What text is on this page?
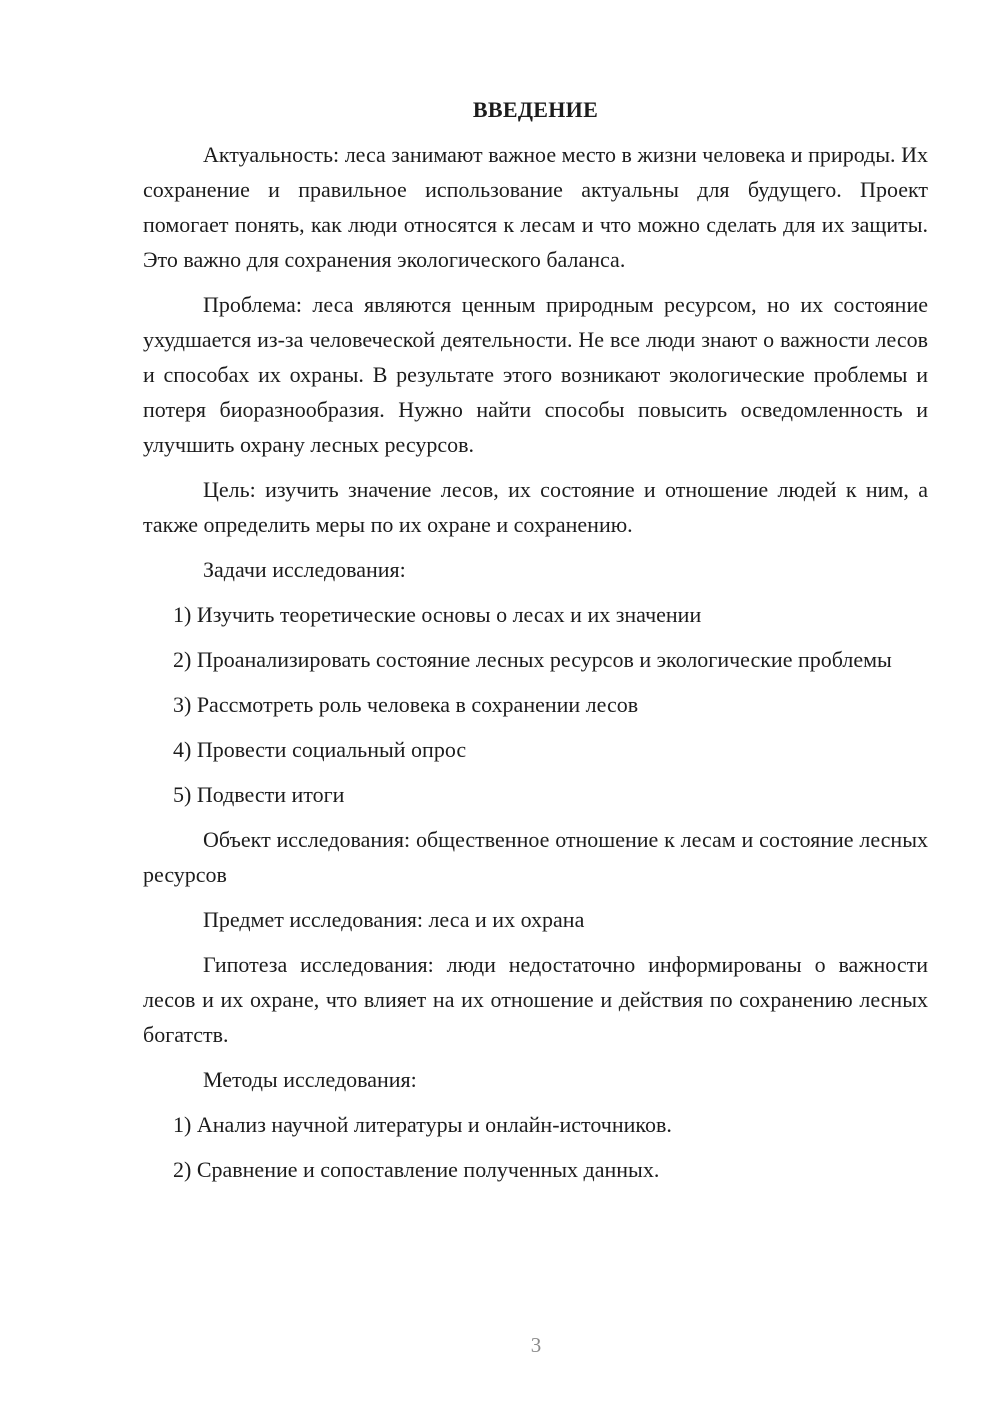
ВВЕДЕНИЕ

Актуальность: леса занимают важное место в жизни человека и природы. Их сохранение и правильное использование актуальны для будущего. Проект помогает понять, как люди относятся к лесам и что можно сделать для их защиты. Это важно для сохранения экологического баланса.

Проблема: леса являются ценным природным ресурсом, но их состояние ухудшается из-за человеческой деятельности. Не все люди знают о важности лесов и способах их охраны. В результате этого возникают экологические проблемы и потеря биоразнообразия. Нужно найти способы повысить осведомленность и улучшить охрану лесных ресурсов.

Цель: изучить значение лесов, их состояние и отношение людей к ним, а также определить меры по их охране и сохранению.

Задачи исследования:

1) Изучить теоретические основы о лесах и их значении

2) Проанализировать состояние лесных ресурсов и экологические проблемы

3) Рассмотреть роль человека в сохранении лесов

4) Провести социальный опрос

5) Подвести итоги

Объект исследования: общественное отношение к лесам и состояние лесных ресурсов

Предмет исследования: леса и их охрана

Гипотеза исследования: люди недостаточно информированы о важности лесов и их охране, что влияет на их отношение и действия по сохранению лесных богатств.

Методы исследования:

1) Анализ научной литературы и онлайн-источников.

2) Сравнение и сопоставление полученных данных.

3
